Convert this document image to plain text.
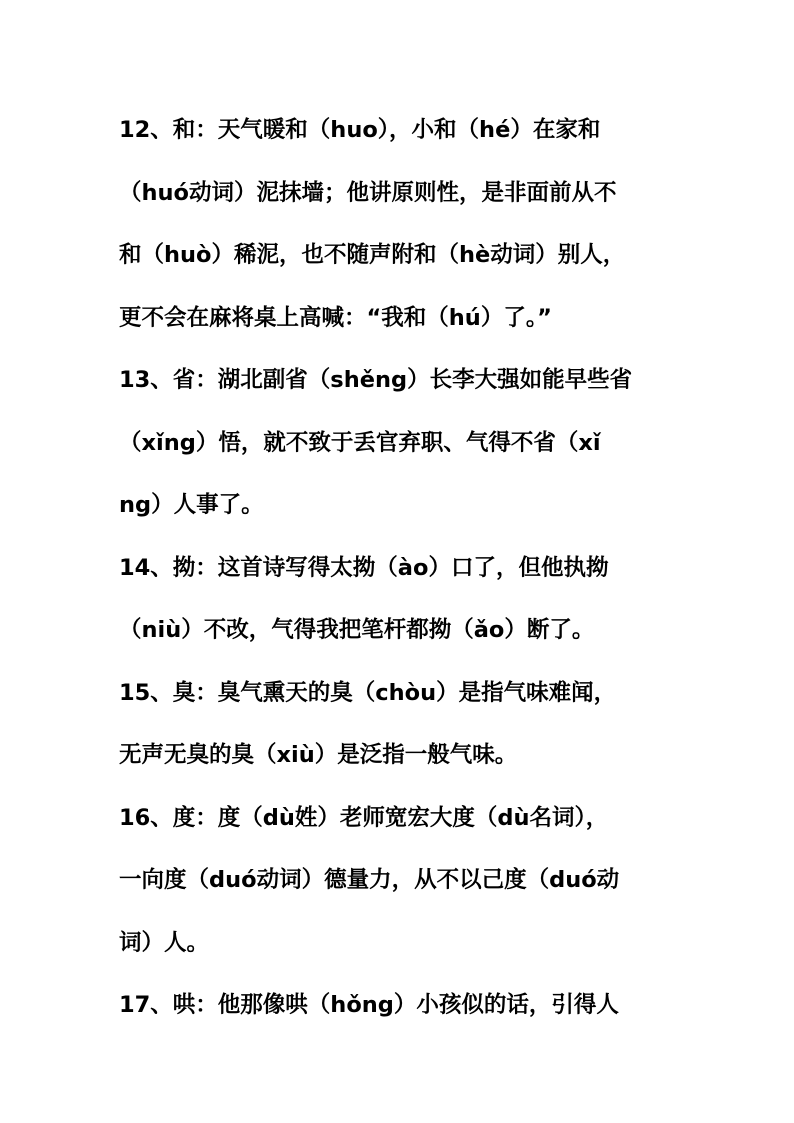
12、和：天气暖和（huo），小和（hé）在家和
（huó动词）泥抹墙；他讲原则性，是非面前从不
和（huò）稀泥，也不随声附和（hè动词）别人，
更不会在麻将桌上高喊：“我和（hú）了。”
13、省：湖北副省（shěng）长李大强如能早些省
（xǐng）悟，就不致于丢官弃职、气得不省（xǐ
ng）人事了。
14、拗：这首诗写得太拗（ào）口了，但他执拗
（niù）不改，气得我把笔杆都拗（ǎo）断了。
15、臭：臭气熏天的臭（chòu）是指气味难闻，
无声无臭的臭（xiù）是泛指一般气味。
16、度：度（dù姓）老师宽宏大度（dù名词），
一向度（duó动词）德量力，从不以己度（duó动
词）人。
17、哄：他那像哄（hǒng）小孩似的话，引得人
